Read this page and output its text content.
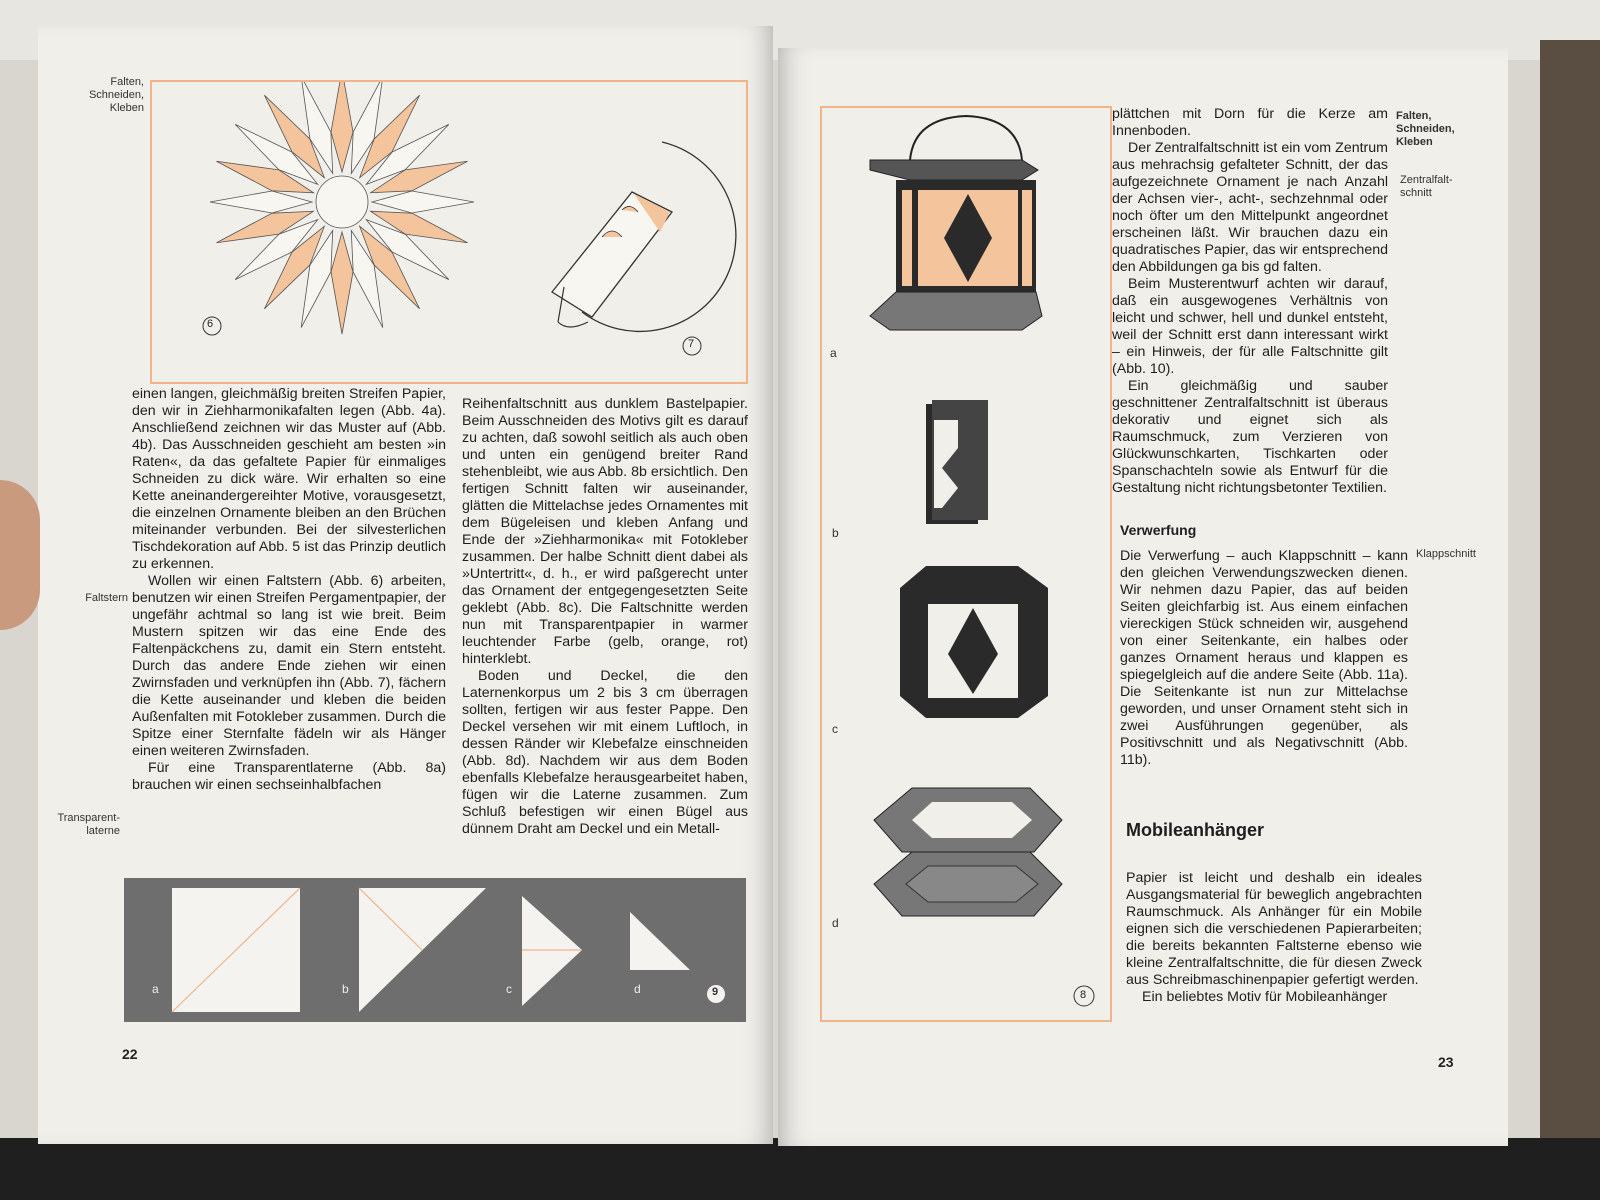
Falten,
Schneiden,
Kleben
6
7
Faltstern
Transparent-
laterne

einen langen, gleichmäßig breiten Streifen Papier, den wir in Ziehharmonikafalten legen (Abb. 4a). Anschließend zeichnen wir das Muster auf (Abb. 4b). Das Ausschneiden geschieht am besten »in Raten«, da das gefaltete Papier für einmaliges Schneiden zu dick wäre. Wir erhalten so eine Kette aneinandergereihter Motive, vorausgesetzt, die einzelnen Ornamente bleiben an den Brüchen miteinander verbunden. Bei der silvesterlichen Tischdekoration auf Abb. 5 ist das Prinzip deutlich zu erkennen.

Wollen wir einen Faltstern (Abb. 6) arbeiten, benutzen wir einen Streifen Pergamentpapier, der ungefähr achtmal so lang ist wie breit. Beim Mustern spitzen wir das eine Ende des Faltenpäckchens zu, damit ein Stern entsteht. Durch das andere Ende ziehen wir einen Zwirnsfaden und verknüpfen ihn (Abb. 7), fächern die Kette auseinander und kleben die beiden Außenfalten mit Fotokleber zusammen. Durch die Spitze einer Sternfalte fädeln wir als Hänger einen weiteren Zwirnsfaden.

Für eine Transparentlaterne (Abb. 8a) brauchen wir einen sechseinhalbfachen

Reihenfaltschnitt aus dunklem Bastelpapier. Beim Ausschneiden des Motivs gilt es darauf zu achten, daß sowohl seitlich als auch oben und unten ein genügend breiter Rand stehenbleibt, wie aus Abb. 8b ersichtlich. Den fertigen Schnitt falten wir auseinander, glätten die Mittelachse jedes Ornamentes mit dem Bügeleisen und kleben Anfang und Ende der »Ziehharmonika« mit Fotokleber zusammen. Der halbe Schnitt dient dabei als »Untertritt«, d. h., er wird paßgerecht unter das Ornament der entgegengesetzten Seite geklebt (Abb. 8c). Die Faltschnitte werden nun mit Transparentpapier in warmer leuchtender Farbe (gelb, orange, rot) hinterklebt.

Boden und Deckel, die den Laternenkorpus um 2 bis 3 cm überragen sollten, fertigen wir aus fester Pappe. Den Deckel versehen wir mit einem Luftloch, in dessen Ränder wir Klebefalze einschneiden (Abb. 8d). Nachdem wir aus dem Boden ebenfalls Klebefalze herausgearbeitet haben, fügen wir die Laterne zusammen. Zum Schluß befestigen wir einen Bügel aus dünnem Draht am Deckel und ein Metall-

a	b	c	d	9
22
8
a
b
c
d

plättchen mit Dorn für die Kerze am Innenboden.

Der Zentralfaltschnitt ist ein vom Zentrum aus mehrachsig gefalteter Schnitt, der das aufgezeichnete Ornament je nach Anzahl der Achsen vier-, acht-, sechzehnmal oder noch öfter um den Mittelpunkt angeordnet erscheinen läßt. Wir brauchen dazu ein quadratisches Papier, das wir entsprechend den Abbildungen ga bis gd falten.

Beim Musterentwurf achten wir darauf, daß ein ausgewogenes Verhältnis von leicht und schwer, hell und dunkel entsteht, weil der Schnitt erst dann interessant wirkt – ein Hinweis, der für alle Faltschnitte gilt (Abb. 10).

Ein gleichmäßig und sauber geschnittener Zentralfaltschnitt ist überaus dekorativ und eignet sich als Raumschmuck, zum Verzieren von Glückwunschkarten, Tischkarten oder Spanschachteln sowie als Entwurf für die Gestaltung nicht richtungsbetonter Textilien.

Falten,
Schneiden,
Kleben
Zentralfalt-
schnitt
Klappschnitt
Verwerfung

Die Verwerfung – auch Klappschnitt – kann den gleichen Verwendungszwecken dienen. Wir nehmen dazu Papier, das auf beiden Seiten gleichfarbig ist. Aus einem einfachen viereckigen Stück schneiden wir, ausgehend von einer Seitenkante, ein halbes oder ganzes Ornament heraus und klappen es spiegelgleich auf die andere Seite (Abb. 11a). Die Seitenkante ist nun zur Mittelachse geworden, und unser Ornament steht sich in zwei Ausführungen gegenüber, als Positivschnitt und als Negativschnitt (Abb. 11b).

Mobileanhänger

Papier ist leicht und deshalb ein ideales Ausgangsmaterial für beweglich angebrachten Raumschmuck. Als Anhänger für ein Mobile eignen sich die verschiedenen Papierarbeiten; die bereits bekannten Faltsterne ebenso wie kleine Zentralfaltschnitte, die für diesen Zweck aus Schreibmaschinenpapier gefertigt werden.

Ein beliebtes Motiv für Mobileanhänger

23
